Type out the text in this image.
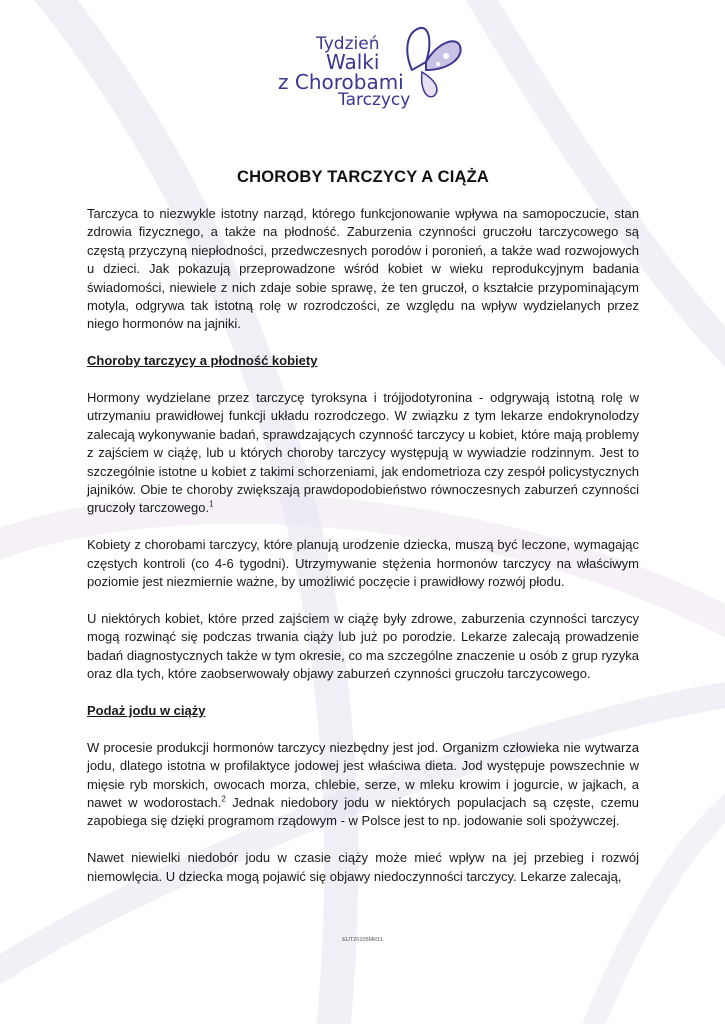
Tydzień
Walki
z Chorobami
Tarczycy
CHOROBY TARCZYCY A CIĄŻA

Tarczyca to niezwykle istotny narząd, którego funkcjonowanie wpływa na samopoczucie, stan zdrowia fizycznego, a także na płodność. Zaburzenia czynności gruczołu tarczycowego są częstą przyczyną niepłodności, przedwczesnych porodów i poronień, a także wad rozwojowych u dzieci. Jak pokazują przeprowadzone wśród kobiet w wieku reprodukcyjnym badania świadomości, niewiele z nich zdaje sobie sprawę, że ten gruczoł, o kształcie przypominającym motyla, odgrywa tak istotną rolę w rozrodczości, ze względu na wpływ wydzielanych przez niego hormonów na jajniki.

Choroby tarczycy a płodność kobiety

Hormony wydzielane przez tarczycę tyroksyna i trójjodotyronina - odgrywają istotną rolę w utrzymaniu prawidłowej funkcji układu rozrodczego. W związku z tym lekarze endokrynolodzy zalecają wykonywanie badań, sprawdzających czynność tarczycy u kobiet, które mają problemy z zajściem w ciążę, lub u których choroby tarczycy występują w wywiadzie rodzinnym. Jest to szczególnie istotne u kobiet z takimi schorzeniami, jak endometrioza czy zespół policystycznych jajników. Obie te choroby zwiększają prawdopodobieństwo równoczesnych zaburzeń czynności gruczoły tarczowego.$^1$

Kobiety z chorobami tarczycy, które planują urodzenie dziecka, muszą być leczone, wymagając częstych kontroli (co 4-6 tygodni). Utrzymywanie stężenia hormonów tarczycy na właściwym poziomie jest niezmiernie ważne, by umożliwić poczęcie i prawidłowy rozwój płodu.

U niektórych kobiet, które przed zajściem w ciążę były zdrowe, zaburzenia czynności tarczycy mogą rozwinąć się podczas trwania ciąży lub już po porodzie. Lekarze zalecają prowadzenie badań diagnostycznych także w tym okresie, co ma szczególne znaczenie u osób z grup ryzyka oraz dla tych, które zaobserwowały objawy zaburzeń czynności gruczołu tarczycowego.

Podaż jodu w ciąży

W procesie produkcji hormonów tarczycy niezbędny jest jod. Organizm człowieka nie wytwarza jodu, dlatego istotna w profilaktyce jodowej jest właściwa dieta. Jod występuje powszechnie w mięsie ryb morskich, owocach morza, chlebie, serze, w mleku krowim i jogurcie, w jajkach, a nawet w wodorostach.$^2$ Jednak niedobory jodu w niektórych populacjach są częste, czemu zapobiega się dzięki programom rządowym - w Polsce jest to np. jodowanie soli spożywczej.

Nawet niewielki niedobór jodu w czasie ciąży może mieć wpływ na jej przebieg i rozwój niemowlęcia. U dziecka mogą pojawić się objawy niedoczynności tarczycy. Lekarze zalecają,

EUT20105MR11
